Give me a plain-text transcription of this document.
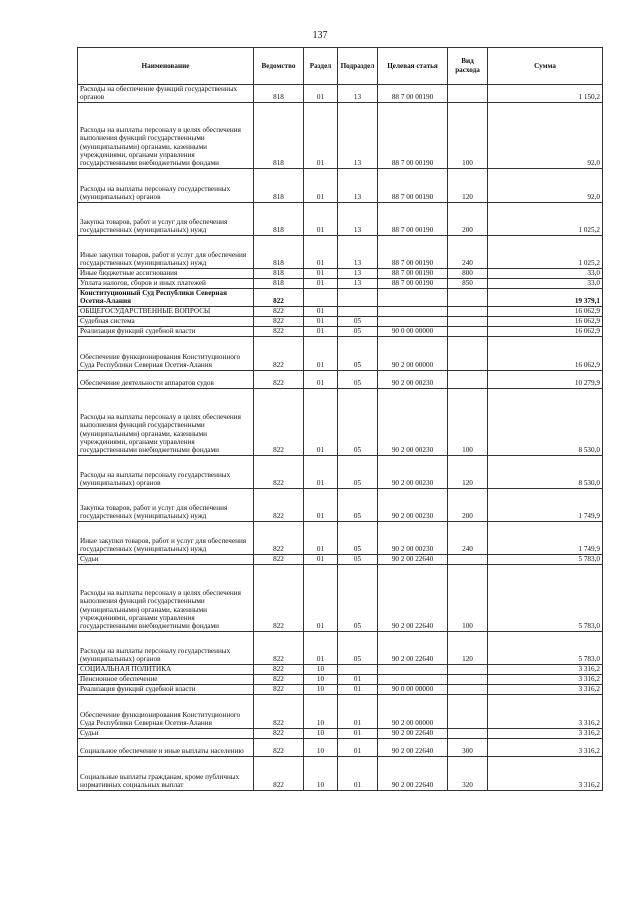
137
Наименование	Ведомство	Раздел	Подраздел	Целевая статья	Вид расхода	Сумма
Расходы на обеспечение функций государственных органов	818	01	13	88 7 00 00190		1 150,2
Расходы на выплаты персоналу в целях обеспечения выполнения функций государственными (муниципальными) органами, казенными учреждениями, органами управления государственными внебюджетными фондами	818	01	13	88 7 00 00190	100	92,0
Расходы на выплаты персоналу государственных (муниципальных) органов	818	01	13	88 7 00 00190	120	92,0
Закупка товаров, работ и услуг для обеспечения государственных (муниципальных) нужд	818	01	13	88 7 00 00190	200	1 025,2
Иные закупки товаров, работ и услуг для обеспечения государственных (муниципальных) нужд	818	01	13	88 7 00 00190	240	1 025,2
Иные бюджетные ассигнования	818	01	13	88 7 00 00190	800	33,0
Уплата налогов, сборов и иных платежей	818	01	13	88 7 00 00190	850	33,0
Конституционный Суд Республики Северная Осетия-Алания	822					19 379,1
ОБЩЕГОСУДАРСТВЕННЫЕ ВОПРОСЫ	822	01				16 062,9
Судебная система	822	01	05			16 062,9
Реализация функций судебной власти	822	01	05	90 0 00 00000		16 062,9
Обеспечение функционирования Конституционного Суда Республики Северная Осетия-Алания	822	01	05	90 2 00 00000		16 062,9
Обеспечение деятельности аппаратов судов	822	01	05	90 2 00 00230		10 279,9
Расходы на выплаты персоналу в целях обеспечения выполнения функций государственными (муниципальными) органами, казенными учреждениями, органами управления государственными внебюджетными фондами	822	01	05	90 2 00 00230	100	8 530,0
Расходы на выплаты персоналу государственных (муниципальных) органов	822	01	05	90 2 00 00230	120	8 530,0
Закупка товаров, работ и услуг для обеспечения государственных (муниципальных) нужд	822	01	05	90 2 00 00230	200	1 749,9
Иные закупки товаров, работ и услуг для обеспечения государственных (муниципальных) нужд	822	01	05	90 2 00 00230	240	1 749,9
Судьи	822	01	05	90 2 00 22640		5 783,0
Расходы на выплаты персоналу в целях обеспечения выполнения функций государственными (муниципальными) органами, казенными учреждениями, органами управления государственными внебюджетными фондами	822	01	05	90 2 00 22640	100	5 783,0
Расходы на выплаты персоналу государственных (муниципальных) органов	822	01	05	90 2 00 22640	120	5 783,0
СОЦИАЛЬНАЯ ПОЛИТИКА	822	10				3 316,2
Пенсионное обеспечение	822	10	01			3 316,2
Реализация функций судебной власти	822	10	01	90 0 00 00000		3 316,2
Обеспечение функционирования Конституционного Суда Республики Северная Осетия-Алания	822	10	01	90 2 00 00000		3 316,2
Судьи	822	10	01	90 2 00 22640		3 316,2
Социальное обеспечение и иные выплаты населению	822	10	01	90 2 00 22640	300	3 316,2
Социальные выплаты гражданам, кроме публичных нормативных социальных выплат	822	10	01	90 2 00 22640	320	3 316,2
